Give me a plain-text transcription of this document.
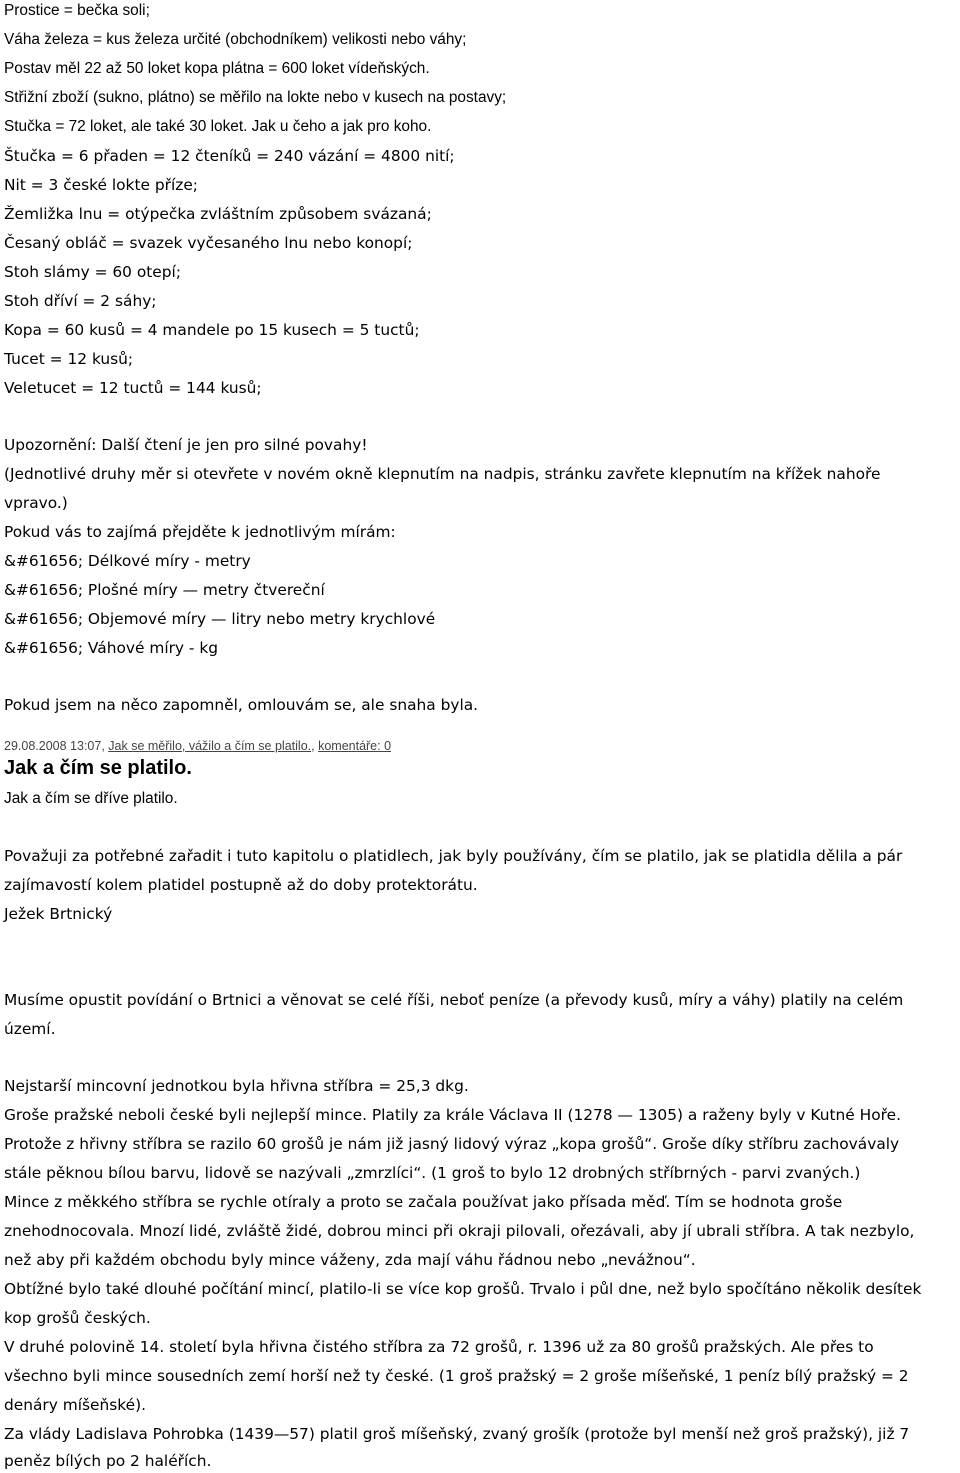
Prostice = bečka soli;
Váha železa = kus železa určité (obchodníkem) velikosti nebo váhy;
Postav měl 22 až 50 loket kopa plátna = 600 loket vídeňských.
Střižní zboží (sukno, plátno) se měřilo na lokte nebo v kusech na postavy;
Stučka = 72 loket, ale také 30 loket. Jak u čeho a jak pro koho.
Štučka = 6 přaden = 12 čteníků = 240 vázání = 4800 nití;
Nit = 3 české lokte příze;
Žemližka lnu = otýpečka zvláštním způsobem svázaná;
Česaný obláč = svazek vyčesaného lnu nebo konopí;
Stoh slámy = 60 otepí;
Stoh dříví = 2 sáhy;
Kopa = 60 kusů = 4 mandele po 15 kusech = 5 tuctů;
Tucet = 12 kusů;
Veletucet = 12 tuctů = 144 kusů;
Upozornění: Další čtení je jen pro silné povahy!
(Jednotlivé druhy měr si otevřete v novém okně klepnutím na nadpis, stránku zavřete klepnutím na křížek nahoře
vpravo.)
Pokud vás to zajímá přejděte k jednotlivým mírám:
&#61656; Délkové míry - metry
&#61656; Plošné míry — metry čtvereční
&#61656; Objemové míry — litry nebo metry krychlové
&#61656; Váhové míry - kg
Pokud jsem na něco zapomněl, omlouvám se, ale snaha byla.
29.08.2008 13:07, Jak se měřilo, vážilo a čím se platilo., komentáře: 0
Jak a čím se platilo.
Jak a čím se dříve platilo.
Považuji za potřebné zařadit i tuto kapitolu o platidlech, jak byly používány, čím se platilo, jak se platidla dělila a pár
zajímavostí kolem platidel postupně až do doby protektorátu.
Ježek Brtnický
Musíme opustit povídání o Brtnici a věnovat se celé říši, neboť peníze (a převody kusů, míry a váhy) platily na celém
území.
Nejstarší mincovní jednotkou byla hřivna stříbra = 25,3 dkg.
Groše pražské neboli české byli nejlepší mince. Platily za krále Václava II (1278 — 1305) a raženy byly v Kutné Hoře.
Protože z hřivny stříbra se razilo 60 grošů je nám již jasný lidový výraz „kopa grošů“. Groše díky stříbru zachovávaly
stále pěknou bílou barvu, lidově se nazývali „zmrzlíci“. (1 groš to bylo 12 drobných stříbrných - parvi zvaných.)
Mince z měkkého stříbra se rychle otíraly a proto se začala používat jako přísada měď. Tím se hodnota groše
znehodnocovala. Mnozí lidé, zvláště židé, dobrou minci při okraji pilovali, ořezávali, aby jí ubrali stříbra. A tak nezbylo,
než aby při každém obchodu byly mince váženy, zda mají váhu řádnou nebo „nevážnou“.
Obtížné bylo také dlouhé počítání mincí, platilo-li se více kop grošů. Trvalo i půl dne, než bylo spočítáno několik desítek
kop grošů českých.
V druhé polovině 14. století byla hřivna čistého stříbra za 72 grošů, r. 1396 už za 80 grošů pražských. Ale přes to
všechno byli mince sousedních zemí horší než ty české. (1 groš pražský = 2 groše míšeňské, 1 peníz bílý pražský = 2
denáry míšeňské).
Za vlády Ladislava Pohrobka (1439—57) platil groš míšeňský, zvaný grošík (protože byl menší než groš pražský), již 7
peněz bílých po 2 haléřích.
